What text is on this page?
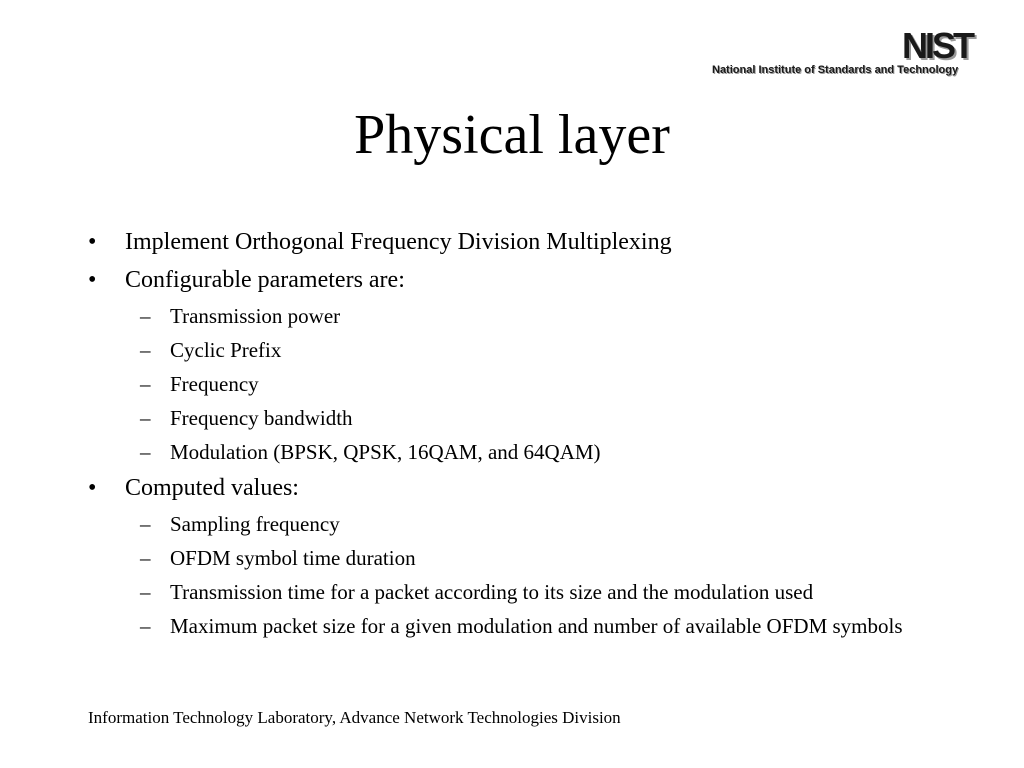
NIST
National Institute of Standards and Technology
Physical layer
• Implement Orthogonal Frequency Division Multiplexing
• Configurable parameters are:
– Transmission power
– Cyclic Prefix
– Frequency
– Frequency bandwidth
– Modulation (BPSK, QPSK, 16QAM, and 64QAM)
• Computed values:
– Sampling frequency
– OFDM symbol time duration
– Transmission time for a packet according to its size and the modulation used
– Maximum packet size for a given modulation and number of available OFDM symbols
Information Technology Laboratory, Advance Network Technologies Division
